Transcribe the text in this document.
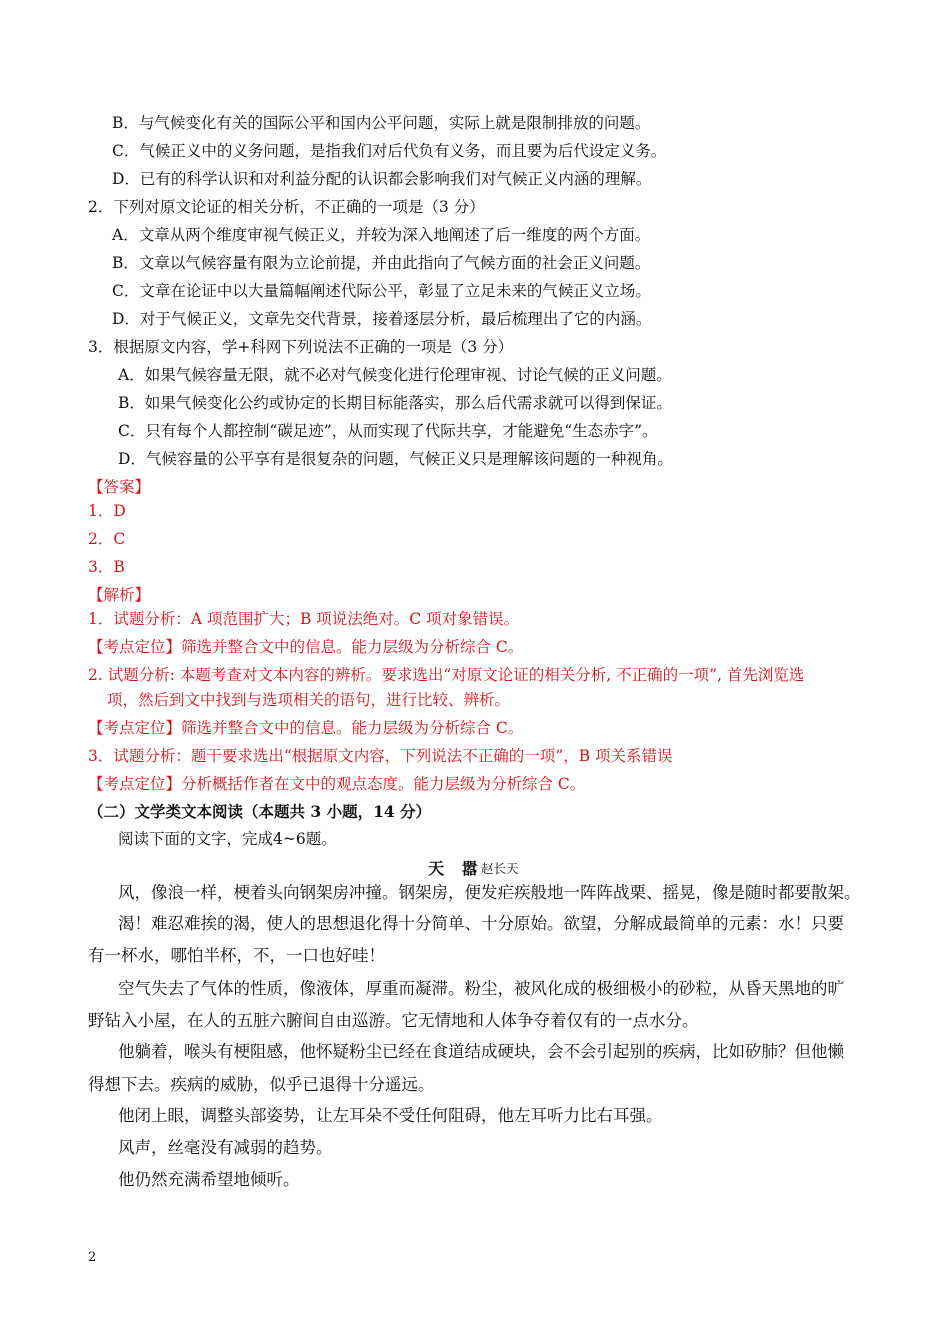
B．与气候变化有关的国际公平和国内公平问题，实际上就是限制排放的问题。
C．气候正义中的义务问题，是指我们对后代负有义务，而且要为后代设定义务。
D．已有的科学认识和对利益分配的认识都会影响我们对气候正义内涵的理解。
2．下列对原文论证的相关分析，不正确的一项是（3 分）
A．文章从两个维度审视气候正义，并较为深入地阐述了后一维度的两个方面。
B．文章以气候容量有限为立论前提，并由此指向了气候方面的社会正义问题。
C．文章在论证中以大量篇幅阐述代际公平，彰显了立足未来的气候正义立场。
D．对于气候正义，文章先交代背景，接着逐层分析，最后梳理出了它的内涵。
3．根据原文内容，学+科网下列说法不正确的一项是（3 分）
A．如果气候容量无限，就不必对气候变化进行伦理审视、讨论气候的正义问题。
B．如果气候变化公约或协定的长期目标能落实，那么后代需求就可以得到保证。
C．只有每个人都控制“碳足迹”，从而实现了代际共享，才能避免“生态赤字”。
D．气候容量的公平享有是很复杂的问题，气候正义只是理解该问题的一种视角。
【答案】
1．D
2．C
3．B
【解析】
1．试题分析：A 项范围扩大；B 项说法绝对。C 项对象错误。
【考点定位】筛选并整合文中的信息。能力层级为分析综合 C。
2. 试题分析: 本题考查对文本内容的辨析。要求选出“对原文论证的相关分析, 不正确的一项”, 首先浏览选
项，然后到文中找到与选项相关的语句，进行比较、辨析。
【考点定位】筛选并整合文中的信息。能力层级为分析综合 C。
3．试题分析：题干要求选出“根据原文内容，下列说法不正确的一项”，B 项关系错误
【考点定位】分析概括作者在文中的观点态度。能力层级为分析综合 C。
（二）文学类文本阅读（本题共 3 小题，14 分）
阅读下面的文字，完成4~6题。
天 嚣
赵长天
风，像浪一样，梗着头向钢架房冲撞。钢架房，便发疟疾般地一阵阵战栗、摇晃，像是随时都要散架。
渴！难忍难挨的渴，使人的思想退化得十分简单、十分原始。欲望，分解成最简单的元素：水！只要
有一杯水，哪怕半杯，不，一口也好哇！
空气失去了气体的性质，像液体，厚重而凝滞。粉尘，被风化成的极细极小的砂粒，从昏天黑地的旷
野钻入小屋，在人的五脏六腑间自由巡游。它无情地和人体争夺着仅有的一点水分。
他躺着，喉头有梗阻感，他怀疑粉尘已经在食道结成硬块，会不会引起别的疾病，比如矽肺？但他懒
得想下去。疾病的威胁，似乎已退得十分遥远。
他闭上眼，调整头部姿势，让左耳朵不受任何阻碍，他左耳听力比右耳强。
风声，丝毫没有减弱的趋势。
他仍然充满希望地倾听。
2
